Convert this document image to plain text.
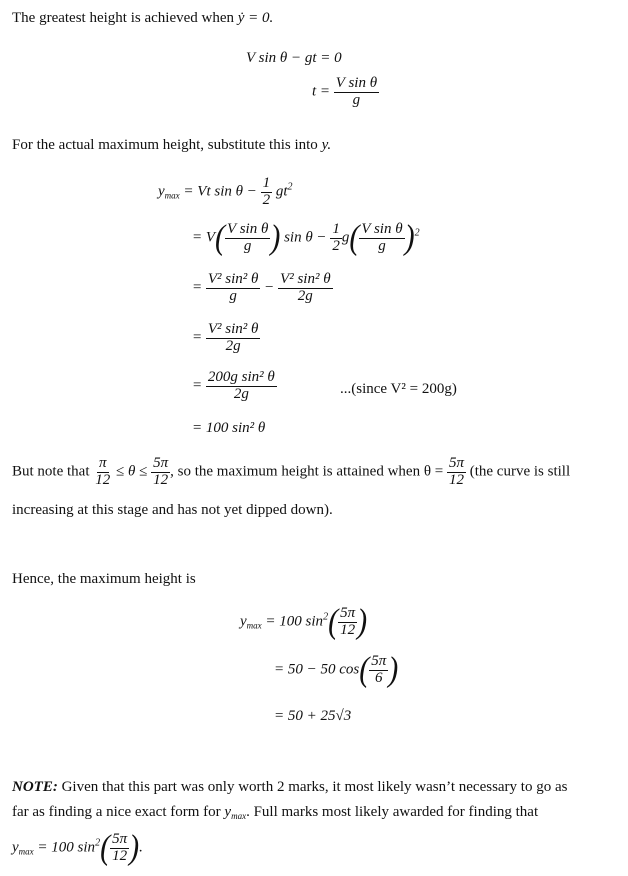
The greatest height is achieved when ẏ = 0.
V sin θ − gt = 0
$t = \frac{\text{V sin θ}}{g}$
For the actual maximum height, substitute this into y.
$y_{max} = Vt$ $\sin \theta - \frac{1}{2} gt^2$
= $V( \frac{\text{V sin θ}}{g}$ ) $\sin \theta - \frac{1}{2} g( \frac{\text{V sin θ}}{g} )^2$
= $\frac{\text{V² sin² θ}}{g} - \frac{\text{V² sin² θ}}{2g}$
= $\frac{\text{V² sin² θ}}{2g}$
= $\frac{\text{200g sin² θ}}{2g}$	...(since V² = 200g)
= 100 sin² θ
But note that $\frac{\pi}{12} \le \theta \le \frac{5\pi}{12}$ , so the maximum height is attained when $\theta = \frac{5\pi}{12} (the$ curve is still
increasing at this stage and has not yet dipped down).
Hence, the maximum height is
$y_{max} = 100$ $\sin^2( \frac{5\pi}{12}$ )
= 50 − 50 $\cos( \frac{5\pi}{6}$ )
= 50 + 25√3
NOTE: Given that this part was only worth 2 marks, it most likely wasn’t necessary to go as
far as finding a nice exact form for $y_{max}$. Full marks most likely awarded for finding that
$y_{max} = 100$ $\sin^2( \frac{5\pi}{12}$ ).
